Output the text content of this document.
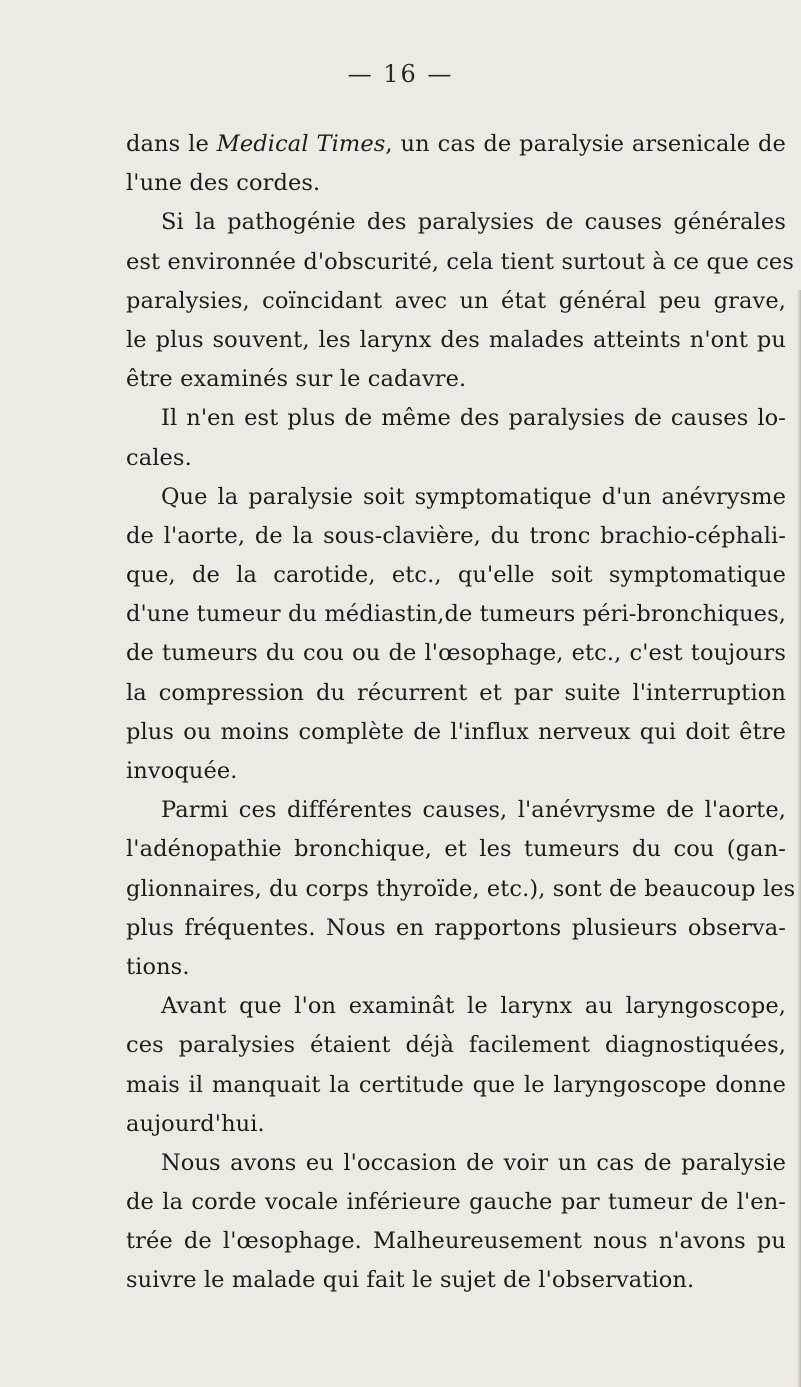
— 16 —
dans le Medical Times, un cas de paralysie arsenicale de
l'une des cordes.
Si la pathogénie des paralysies de causes générales
est environnée d'obscurité, cela tient surtout à ce que ces
paralysies, coïncidant avec un état général peu grave,
le plus souvent, les larynx des malades atteints n'ont pu
être examinés sur le cadavre.
Il n'en est plus de même des paralysies de causes lo-
cales.
Que la paralysie soit symptomatique d'un anévrysme
de l'aorte, de la sous-clavière, du tronc brachio-céphali-
que, de la carotide, etc., qu'elle soit symptomatique
d'une tumeur du médiastin,de tumeurs péri-bronchiques,
de tumeurs du cou ou de l'œsophage, etc., c'est toujours
la compression du récurrent et par suite l'interruption
plus ou moins complète de l'influx nerveux qui doit être
invoquée.
Parmi ces différentes causes, l'anévrysme de l'aorte,
l'adénopathie bronchique, et les tumeurs du cou (gan-
glionnaires, du corps thyroïde, etc.), sont de beaucoup les
plus fréquentes. Nous en rapportons plusieurs observa-
tions.
Avant que l'on examinât le larynx au laryngoscope,
ces paralysies étaient déjà facilement diagnostiquées,
mais il manquait la certitude que le laryngoscope donne
aujourd'hui.
Nous avons eu l'occasion de voir un cas de paralysie
de la corde vocale inférieure gauche par tumeur de l'en-
trée de l'œsophage. Malheureusement nous n'avons pu
suivre le malade qui fait le sujet de l'observation.
